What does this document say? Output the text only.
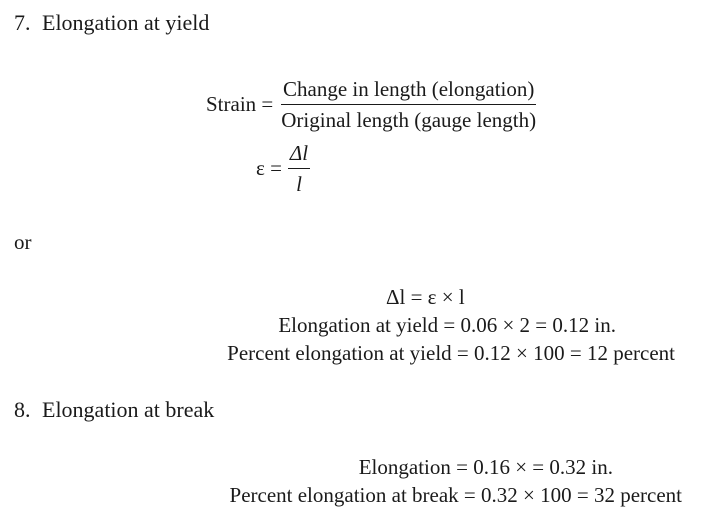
7. Elongation at yield
Strain = $\frac{\text{Change in length (elongation)}}{\text{Original length (gauge length)}}$
$\varepsilon = \frac{\Delta l}{l}$
or
Δl = ε × l
Elongation at yield = 0.06 × 2 = 0.12 in.
Percent elongation at yield = 0.12 × 100 = 12 percent
8. Elongation at break
Elongation = 0.16 × = 0.32 in.
Percent elongation at break = 0.32 × 100 = 32 percent
